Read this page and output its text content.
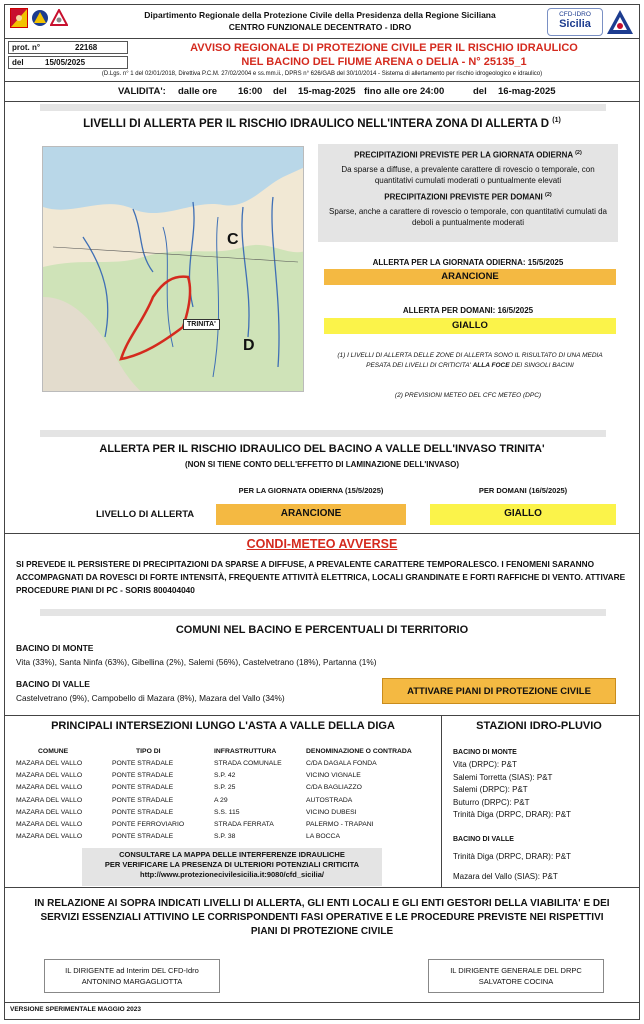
Dipartimento Regionale della Protezione Civile della Presidenza della Regione Siciliana
CENTRO FUNZIONALE DECENTRATO - IDRO
CFD-IDRO
Sicilia
prot. n°	22168
del	15/05/2025
AVVISO REGIONALE DI PROTEZIONE CIVILE PER IL RISCHIO IDRAULICO
NEL BACINO DEL FIUME ARENA o DELIA - N° 25135_1
(D.Lgs. n° 1 del 02/01/2018, Direttiva P.C.M. 27/02/2004 e ss.mm.ii., DPRS n° 626/GAB del 30/10/2014 - Sistema di allertamento per rischio idrogeologico e idraulico)
VALIDITA': dalle ore 16:00 del 15-mag-2025 fino alle ore 24:00	del 16-mag-2025
LIVELLI DI ALLERTA PER IL RISCHIO IDRAULICO NELL'INTERA ZONA DI ALLERTA D $^{(1)}$
C
D
TRINITA'
PRECIPITAZIONI PREVISTE PER LA GIORNATA ODIERNA $^{(2)}$
Da sparse a diffuse, a prevalente carattere di rovescio o temporale, con quantitativi cumulati moderati o puntualmente elevati
PRECIPITAZIONI PREVISTE PER DOMANI $^{(2)}$
Sparse, anche a carattere di rovescio o temporale, con quantitativi cumulati da deboli a puntualmente moderati
ALLERTA PER LA GIORNATA ODIERNA: 15/5/2025
ARANCIONE
ALLERTA PER DOMANI: 16/5/2025
GIALLO
(1) I LIVELLI DI ALLERTA DELLE ZONE DI ALLERTA SONO IL RISULTATO DI UNA MEDIA PESATA DEI LIVELLI DI CRITICITA' ALLA FOCE DEI SINGOLI BACINI
(2) PREVISIONI METEO DEL CFC METEO (DPC)
ALLERTA PER IL RISCHIO IDRAULICO DEL BACINO A VALLE DELL'INVASO TRINITA'
(NON SI TIENE CONTO DELL'EFFETTO DI LAMINAZIONE DELL'INVASO)
PER LA GIORNATA ODIERNA (15/5/2025)	PER DOMANI (16/5/2025)
LIVELLO DI ALLERTA	ARANCIONE	GIALLO
CONDI-METEO AVVERSE
SI PREVEDE IL PERSISTERE DI PRECIPITAZIONI DA SPARSE A DIFFUSE, A PREVALENTE CARATTERE TEMPORALESCO. I FENOMENI SARANNO ACCOMPAGNATI DA ROVESCI DI FORTE INTENSITÀ, FREQUENTE ATTIVITÀ ELETTRICA, LOCALI GRANDINATE E FORTI RAFFICHE DI VENTO. ATTIVARE PROCEDURE PIANI DI PC - SORIS 800404040
COMUNI NEL BACINO E PERCENTUALI DI TERRITORIO
BACINO DI MONTE
Vita (33%), Santa Ninfa (63%), Gibellina (2%), Salemi (56%), Castelvetrano (18%), Partanna (1%)
BACINO DI VALLE
Castelvetrano (9%), Campobello di Mazara (8%), Mazara del Vallo (34%)
ATTIVARE PIANI DI PROTEZIONE CIVILE
PRINCIPALI INTERSEZIONI LUNGO L'ASTA A VALLE DELLA DIGA
COMUNE	TIPO DI	INFRASTRUTTURA	DENOMINAZIONE O CONTRADA
MAZARA DEL VALLO	PONTE STRADALE	STRADA COMUNALE	C/DA DAGALA FONDA
MAZARA DEL VALLO	PONTE STRADALE	S.P. 42	VICINO VIGNALE
MAZARA DEL VALLO	PONTE STRADALE	S.P. 25	C/DA BAGLIAZZO
MAZARA DEL VALLO	PONTE STRADALE	A 29	AUTOSTRADA
MAZARA DEL VALLO	PONTE STRADALE	S.S. 115	VICINO DUBESI
MAZARA DEL VALLO	PONTE FERROVIARIO	STRADA FERRATA	PALERMO - TRAPANI
MAZARA DEL VALLO	PONTE STRADALE	S.P. 38	LA BOCCA
CONSULTARE LA MAPPA DELLE INTERFERENZE IDRAULICHE
PER VERIFICARE LA PRESENZA DI ULTERIORI POTENZIALI CRITICITA
http://www.protezionecivilesicilia.it:9080/cfd_sicilia/
STAZIONI IDRO-PLUVIO
BACINO DI MONTE
Vita (DRPC): P&T
Salemi Torretta (SIAS): P&T
Salemi (DRPC): P&T
Buturro (DRPC): P&T
Trinità Diga (DRPC, DRAR): P&T
BACINO DI VALLE
Trinità Diga (DRPC, DRAR): P&T
Mazara del Vallo (SIAS): P&T
IN RELAZIONE AI SOPRA INDICATI LIVELLI DI ALLERTA, GLI ENTI LOCALI E GLI ENTI GESTORI DELLA VIABILITA' E DEI SERVIZI ESSENZIALI ATTIVINO LE CORRISPONDENTI FASI OPERATIVE E LE PROCEDURE PREVISTE NEI RISPETTIVI PIANI DI PROTEZIONE CIVILE
IL DIRIGENTE ad Interim DEL CFD-Idro
ANTONINO MARGAGLIOTTA
IL DIRIGENTE GENERALE DEL DRPC
SALVATORE COCINA
VERSIONE SPERIMENTALE MAGGIO 2023
